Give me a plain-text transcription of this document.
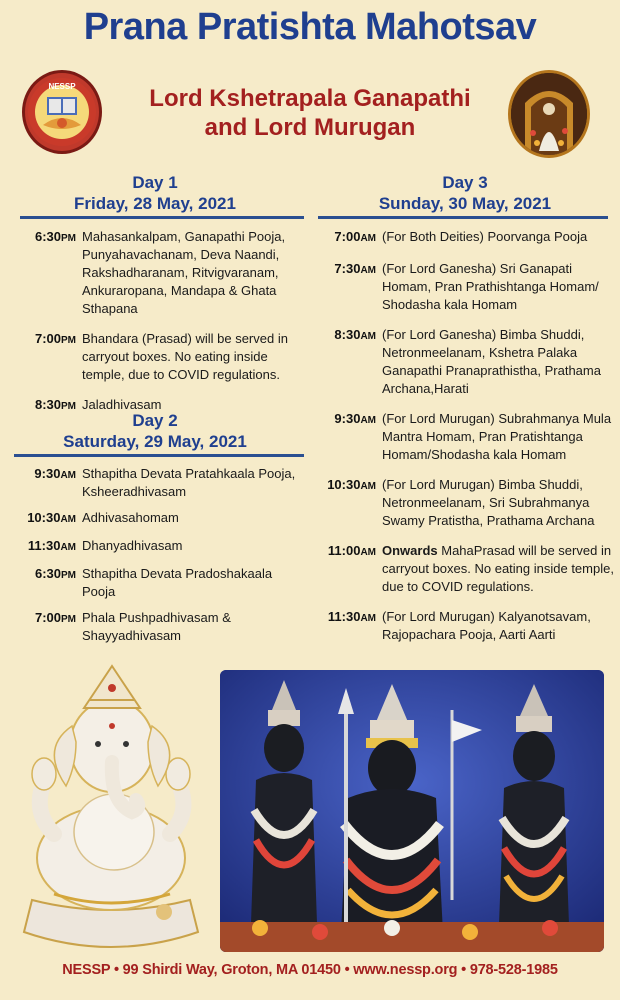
Prana Pratishta Mahotsav
NESSP	Lord Kshetrapala Ganapathi
and Lord Murugan
Day 1
Friday, 28 May, 2021
6:30PM Mahasankalpam, Ganapathi Pooja, Punyahavachanam, Deva Naandi, Rakshadharanam, Ritvigvaranam, Ankuraropana, Mandapa & Ghata Sthapana
7:00PM Bhandara (Prasad) will be served in carryout boxes. No eating inside temple, due to COVID regulations.
8:30PM Jaladhivasam
Day 2
Saturday, 29 May, 2021
9:30AM Sthapitha Devata Pratahkaala Pooja, Ksheeradhivasam
10:30AM Adhivasahomam
11:30AM Dhanyadhivasam
6:30PM Sthapitha Devata Pradoshakaala Pooja
7:00PM Phala Pushpadhivasam & Shayyadhivasam
Day 3
Sunday, 30 May, 2021
7:00AM (For Both Deities) Poorvanga Pooja
7:30AM (For Lord Ganesha) Sri Ganapati Homam, Pran Prathishtanga Homam/ Shodasha kala Homam
8:30AM (For Lord Ganesha) Bimba Shuddi, Netronmeelanam, Kshetra Palaka Ganapathi Pranaprathistha, Prathama Archana,Harati
9:30AM (For Lord Murugan) Subrahmanya Mula Mantra Homam, Pran Pratishtanga Homam/Shodasha kala Homam
10:30AM (For Lord Murugan) Bimba Shuddi, Netronmeelanam, Sri Subrahmanya Swamy Pratistha, Prathama Archana
11:00AM Onwards MahaPrasad will be served in carryout boxes. No eating inside temple, due to COVID regulations.
11:30AM (For Lord Murugan) Kalyanotsavam, Rajopachara Pooja, Aarti Aarti
NESSP • 99 Shirdi Way, Groton, MA 01450 • www.nessp.org • 978-528-1985
